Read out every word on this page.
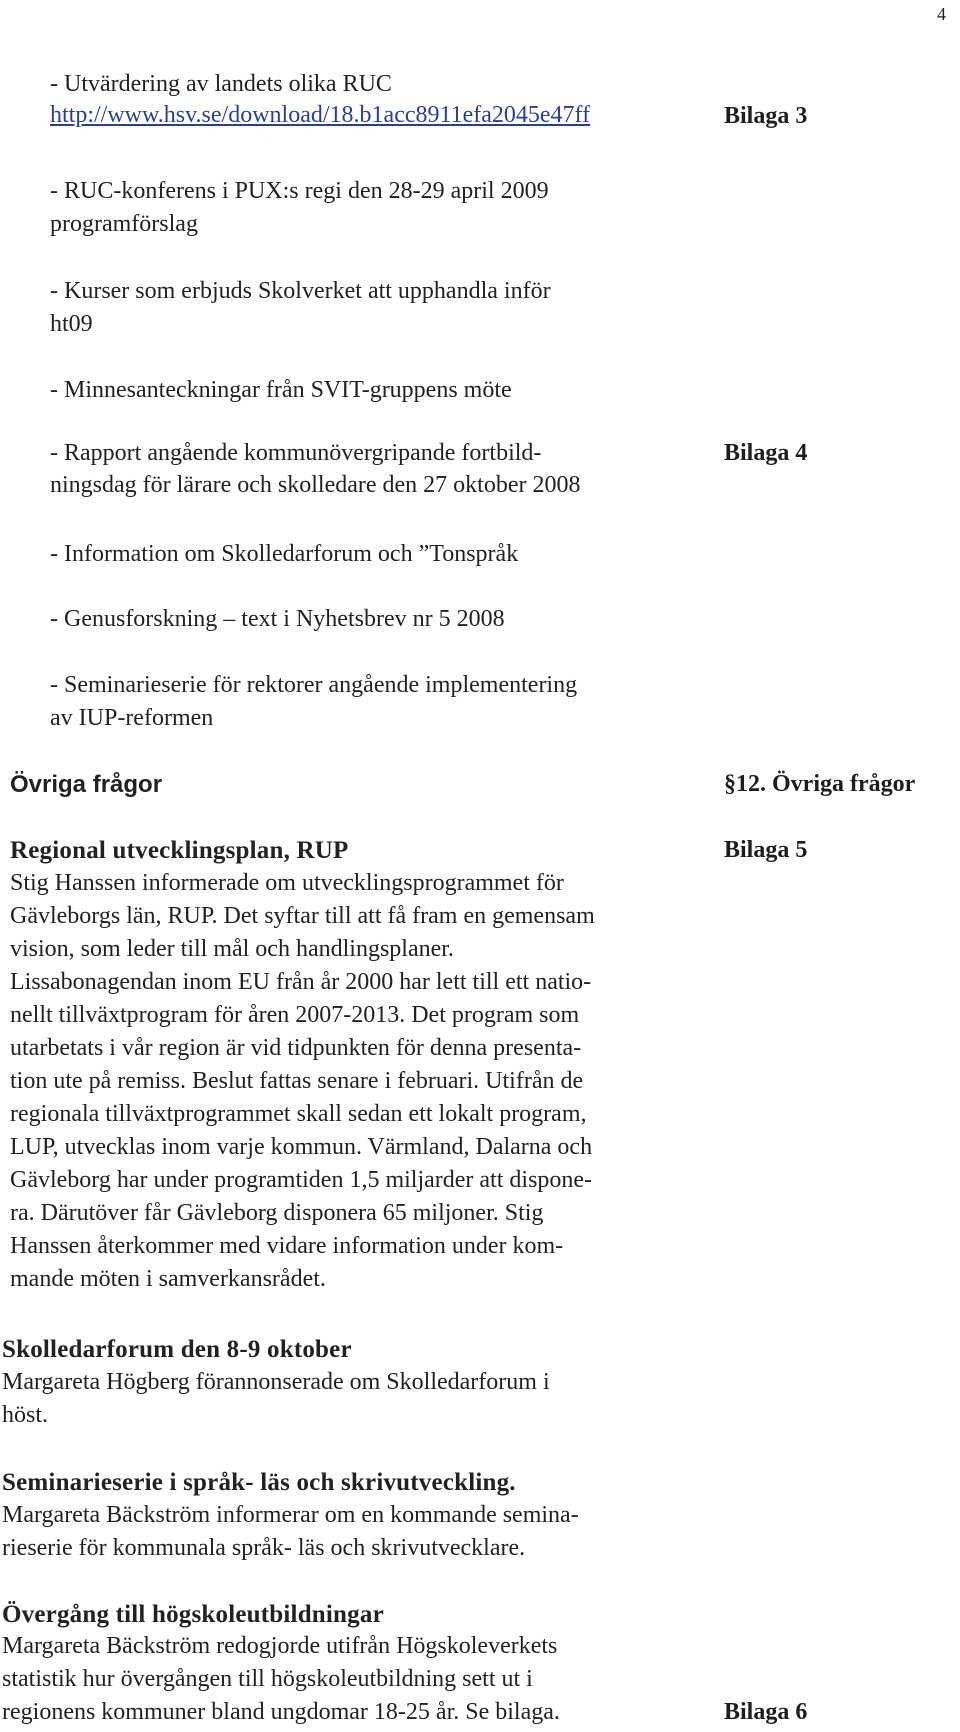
4
- Utvärdering av landets olika RUC
http://www.hsv.se/download/18.b1acc8911efa2045e47ff	Bilaga 3
- RUC-konferens i PUX:s regi den 28-29 april 2009
programförslag
- Kurser som erbjuds Skolverket att upphandla inför
ht09
- Minnesanteckningar från SVIT-gruppens möte
- Rapport angående kommunövergripande fortbild-
ningsdag för lärare och skolledare den 27 oktober 2008
Bilaga 4
- Information om Skolledarforum och ”Tonspråk
- Genusforskning – text i Nyhetsbrev nr 5 2008
- Seminarieserie för rektorer angående implementering
av IUP-reformen
Övriga frågor	§12. Övriga frågor
Regional utvecklingsplan, RUP	Bilaga 5
Stig Hanssen informerade om utvecklingsprogrammet för
Gävleborgs län, RUP. Det syftar till att få fram en gemensam
vision, som leder till mål och handlingsplaner.
Lissabonagendan inom EU från år 2000 har lett till ett natio-
nellt tillväxtprogram för åren 2007-2013. Det program som
utarbetats i vår region är vid tidpunkten för denna presenta-
tion ute på remiss. Beslut fattas senare i februari. Utifrån de
regionala tillväxtprogrammet skall sedan ett lokalt program,
LUP, utvecklas inom varje kommun. Värmland, Dalarna och
Gävleborg har under programtiden 1,5 miljarder att dispone-
ra. Därutöver får Gävleborg disponera 65 miljoner. Stig
Hanssen återkommer med vidare information under kom-
mande möten i samverkansrådet.
Skolledarforum den 8-9 oktober
Margareta Högberg förannonserade om Skolledarforum i
höst.
Seminarieserie i språk- läs och skrivutveckling.
Margareta Bäckström informerar om en kommande semina-
rieserie för kommunala språk- läs och skrivutvecklare.
Övergång till högskoleutbildningar
Margareta Bäckström redogjorde utifrån Högskoleverkets
statistik hur övergången till högskoleutbildning sett ut i
regionens kommuner bland ungdomar 18-25 år. Se bilaga.	Bilaga 6
